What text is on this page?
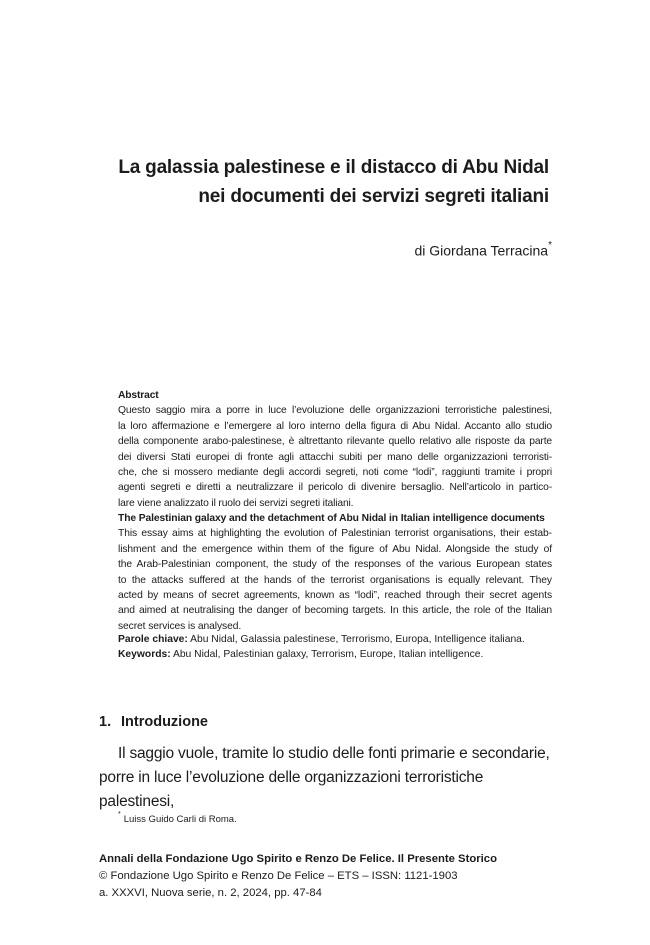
La galassia palestinese e il distacco di Abu Nidal
nei documenti dei servizi segreti italiani
di Giordana Terracina*
Abstract

Questo saggio mira a porre in luce l’evoluzione delle organizzazioni terroristiche palestinesi,
la loro affermazione e l’emergere al loro interno della figura di Abu Nidal. Accanto allo studio
della componente arabo-palestinese, è altrettanto rilevante quello relativo alle risposte da parte
dei diversi Stati europei di fronte agli attacchi subiti per mano delle organizzazioni terroristi-
che, che si mossero mediante degli accordi segreti, noti come “lodi”, raggiunti tramite i propri
agenti segreti e diretti a neutralizzare il pericolo di divenire bersaglio. Nell’articolo in partico-
lare viene analizzato il ruolo dei servizi segreti italiani.

The Palestinian galaxy and the detachment of Abu Nidal in Italian intelligence documents

This essay aims at highlighting the evolution of Palestinian terrorist organisations, their estab-
lishment and the emergence within them of the figure of Abu Nidal. Alongside the study of
the Arab-Palestinian component, the study of the responses of the various European states
to the attacks suffered at the hands of the terrorist organisations is equally relevant. They
acted by means of secret agreements, known as “lodi”, reached through their secret agents
and aimed at neutralising the danger of becoming targets. In this article, the role of the Italian
secret services is analysed.

Parole chiave: Abu Nidal, Galassia palestinese, Terrorismo, Europa, Intelligence italiana.
Keywords: Abu Nidal, Palestinian galaxy, Terrorism, Europe, Italian intelligence.
1. Introduzione
Il saggio vuole, tramite lo studio delle fonti primarie e secondarie,
porre in luce l’evoluzione delle organizzazioni terroristiche palestinesi,
* Luiss Guido Carli di Roma.
Annali della Fondazione Ugo Spirito e Renzo De Felice. Il Presente Storico
© Fondazione Ugo Spirito e Renzo De Felice – ETS – ISSN: 1121-1903
a. XXXVI, Nuova serie, n. 2, 2024, pp. 47-84
